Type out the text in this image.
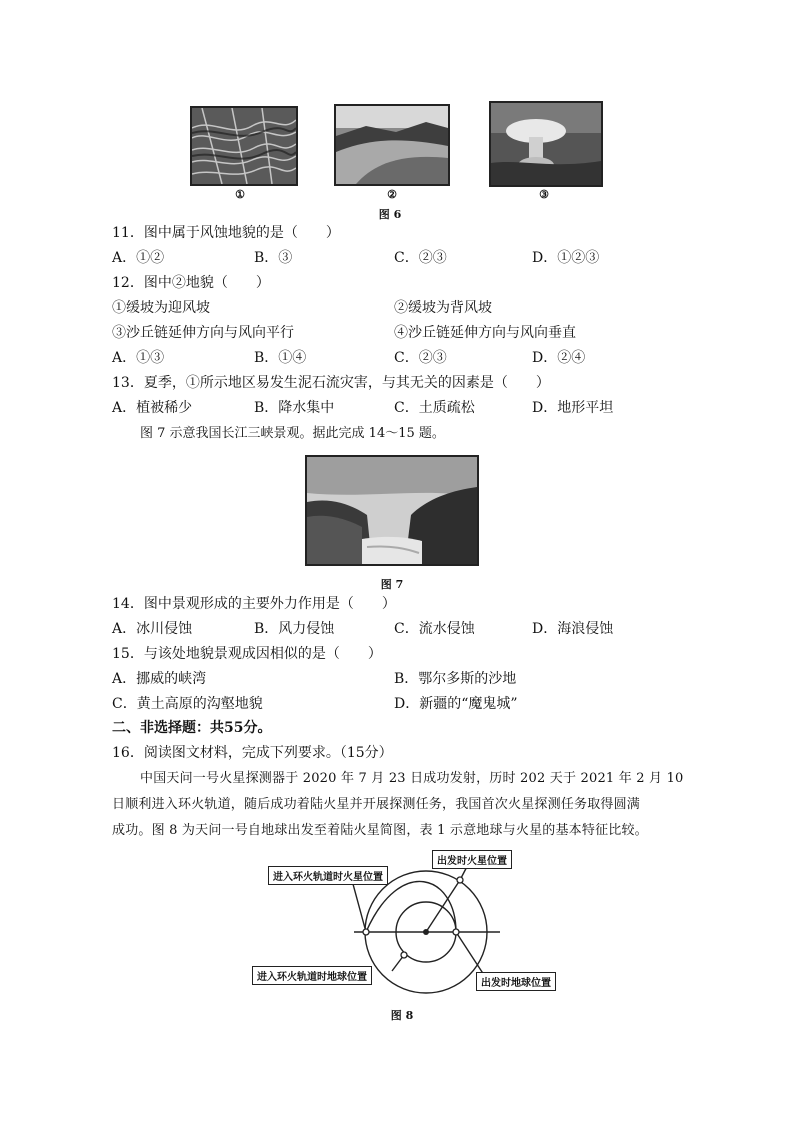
①	②	③
图 6
11．图中属于风蚀地貌的是（　　）
A．①②	B．③	C．②③	D．①②③
12．图中②地貌（　　）
①缓坡为迎风坡	②缓坡为背风坡
③沙丘链延伸方向与风向平行	④沙丘链延伸方向与风向垂直
A．①③	B．①④	C．②③	D．②④
13．夏季，①所示地区易发生泥石流灾害，与其无关的因素是（　　）
A．植被稀少	B．降水集中	C．土质疏松	D．地形平坦
图 7 示意我国长江三峡景观。据此完成 14～15 题。
图 7
14．图中景观形成的主要外力作用是（　　）
A．冰川侵蚀	B．风力侵蚀	C．流水侵蚀	D．海浪侵蚀
15．与该处地貌景观成因相似的是（　　）
A．挪威的峡湾	B．鄂尔多斯的沙地
C．黄土高原的沟壑地貌	D．新疆的“魔鬼城”
二、非选择题：共55分。
16．阅读图文材料，完成下列要求。（15分）
中国天问一号火星探测器于 2020 年 7 月 23 日成功发射，历时 202 天于 2021 年 2 月 10
日顺利进入环火轨道，随后成功着陆火星并开展探测任务，我国首次火星探测任务取得圆满
成功。图 8 为天问一号自地球出发至着陆火星简图，表 1 示意地球与火星的基本特征比较。
出发时火星位置
进入环火轨道时火星位置
进入环火轨道时地球位置
出发时地球位置
图 8
